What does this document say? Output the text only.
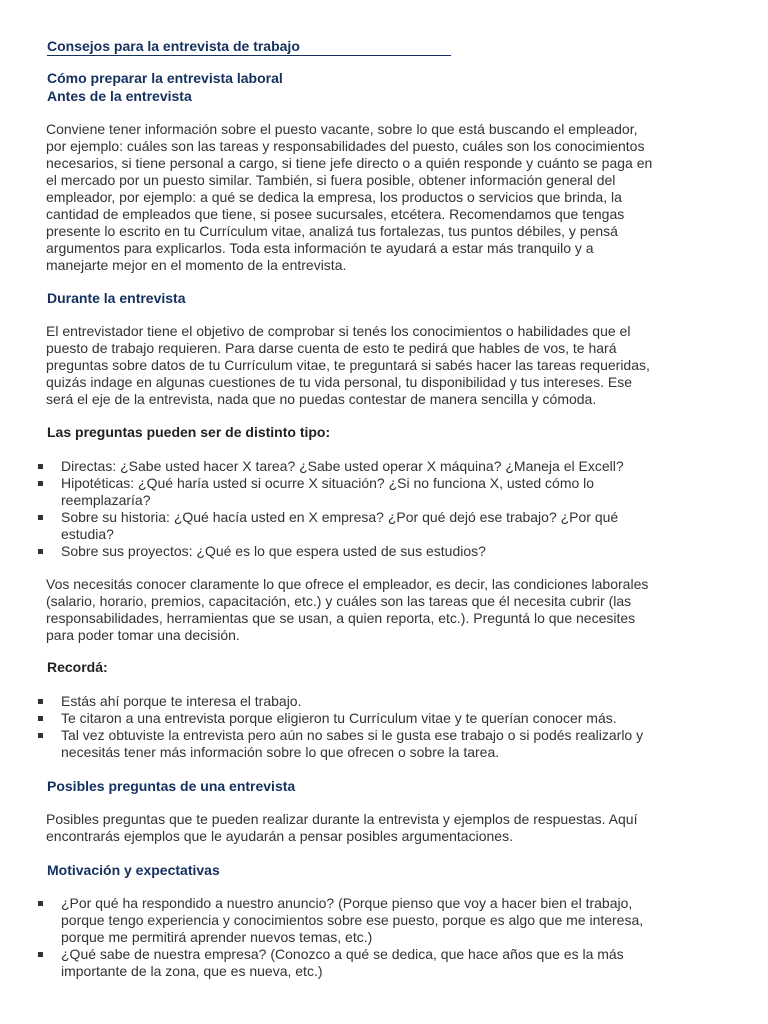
Consejos para la entrevista de trabajo
Cómo preparar la entrevista laboral
Antes de la entrevista
Conviene tener información sobre el puesto vacante, sobre lo que está buscando el empleador,
por ejemplo: cuáles son las tareas y responsabilidades del puesto, cuáles son los conocimientos
necesarios, si tiene personal a cargo, si tiene jefe directo o a quién responde y cuánto se paga en
el mercado por un puesto similar. También, si fuera posible, obtener información general del
empleador, por ejemplo: a qué se dedica la empresa, los productos o servicios que brinda, la
cantidad de empleados que tiene, si posee sucursales, etcétera. Recomendamos que tengas
presente lo escrito en tu Currículum vitae, analizá tus fortalezas, tus puntos débiles, y pensá
argumentos para explicarlos. Toda esta información te ayudará a estar más tranquilo y a
manejarte mejor en el momento de la entrevista.
Durante la entrevista
El entrevistador tiene el objetivo de comprobar si tenés los conocimientos o habilidades que el
puesto de trabajo requieren. Para darse cuenta de esto te pedirá que hables de vos, te hará
preguntas sobre datos de tu Currículum vitae, te preguntará si sabés hacer las tareas requeridas,
quizás indage en algunas cuestiones de tu vida personal, tu disponibilidad y tus intereses. Ese
será el eje de la entrevista, nada que no puedas contestar de manera sencilla y cómoda.
Las preguntas pueden ser de distinto tipo:
Directas: ¿Sabe usted hacer X tarea? ¿Sabe usted operar X máquina? ¿Maneja el Excell?
Hipotéticas: ¿Qué haría usted si ocurre X situación? ¿Si no funciona X, usted cómo lo
reemplazaría?
Sobre su historia: ¿Qué hacía usted en X empresa? ¿Por qué dejó ese trabajo? ¿Por qué
estudia?
Sobre sus proyectos: ¿Qué es lo que espera usted de sus estudios?
Vos necesitás conocer claramente lo que ofrece el empleador, es decir, las condiciones laborales
(salario, horario, premios, capacitación, etc.) y cuáles son las tareas que él necesita cubrir (las
responsabilidades, herramientas que se usan, a quien reporta, etc.). Preguntá lo que necesites
para poder tomar una decisión.
Recordá:
Estás ahí porque te interesa el trabajo.
Te citaron a una entrevista porque eligieron tu Currículum vitae y te querían conocer más.
Tal vez obtuviste la entrevista pero aún no sabes si le gusta ese trabajo o si podés realizarlo y
necesitás tener más información sobre lo que ofrecen o sobre la tarea.
Posibles preguntas de una entrevista
Posibles preguntas que te pueden realizar durante la entrevista y ejemplos de respuestas. Aquí
encontrarás ejemplos que le ayudarán a pensar posibles argumentaciones.
Motivación y expectativas
¿Por qué ha respondido a nuestro anuncio? (Porque pienso que voy a hacer bien el trabajo,
porque tengo experiencia y conocimientos sobre ese puesto, porque es algo que me interesa,
porque me permitirá aprender nuevos temas, etc.)
¿Qué sabe de nuestra empresa? (Conozco a qué se dedica, que hace años que es la más
importante de la zona, que es nueva, etc.)
